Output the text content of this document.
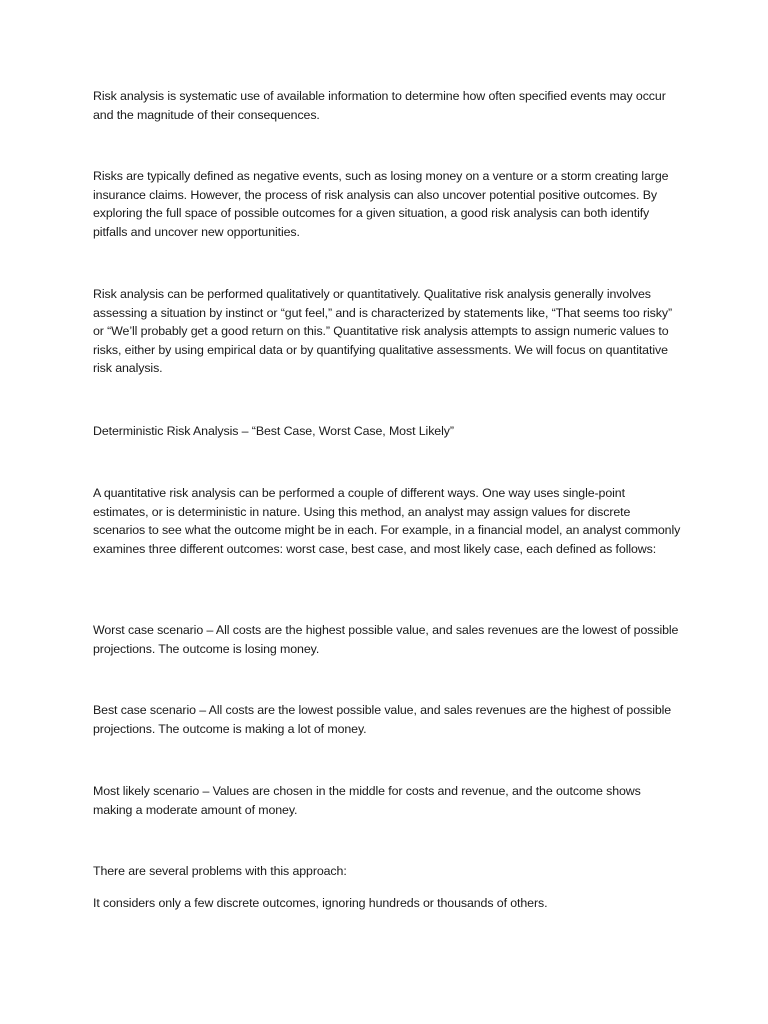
Risk analysis is systematic use of available information to determine how often specified events may occur and the magnitude of their consequences.

Risks are typically defined as negative events, such as losing money on a venture or a storm creating large insurance claims. However, the process of risk analysis can also uncover potential positive outcomes. By exploring the full space of possible outcomes for a given situation, a good risk analysis can both identify pitfalls and uncover new opportunities.

Risk analysis can be performed qualitatively or quantitatively. Qualitative risk analysis generally involves assessing a situation by instinct or “gut feel,” and is characterized by statements like, “That seems too risky” or “We’ll probably get a good return on this.” Quantitative risk analysis attempts to assign numeric values to risks, either by using empirical data or by quantifying qualitative assessments. We will focus on quantitative risk analysis.

Deterministic Risk Analysis – “Best Case, Worst Case, Most Likely”

A quantitative risk analysis can be performed a couple of different ways. One way uses single-point estimates, or is deterministic in nature. Using this method, an analyst may assign values for discrete scenarios to see what the outcome might be in each. For example, in a financial model, an analyst commonly examines three different outcomes: worst case, best case, and most likely case, each defined as follows:

Worst case scenario – All costs are the highest possible value, and sales revenues are the lowest of possible projections. The outcome is losing money.

Best case scenario – All costs are the lowest possible value, and sales revenues are the highest of possible projections. The outcome is making a lot of money.

Most likely scenario – Values are chosen in the middle for costs and revenue, and the outcome shows making a moderate amount of money.

There are several problems with this approach:

It considers only a few discrete outcomes, ignoring hundreds or thousands of others.
